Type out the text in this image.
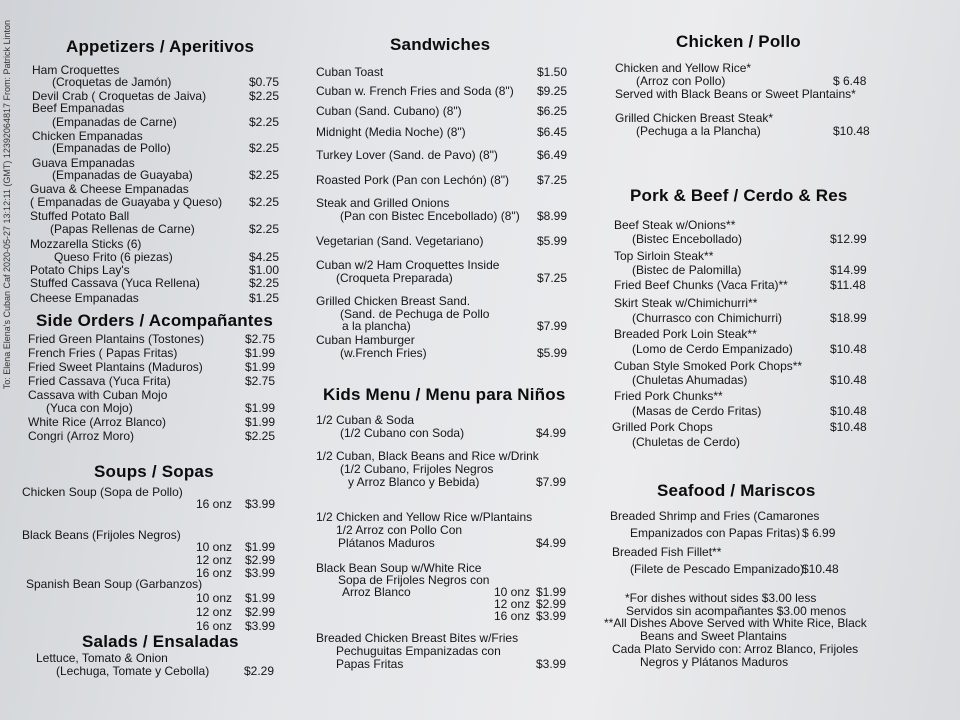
To: Elena Elena's Cuban Caf 2020-05-27 13:12:11 (GMT) 12392064817 From: Patrick Linton	Appetizers / Aperitivos
Ham Croquettes
(Croquetas de Jamón)	$0.75
Devil Crab ( Croquetas de Jaiva)	$2.25
Beef Empanadas
(Empanadas de Carne)	$2.25
Chicken Empanadas
(Empanadas de Pollo)	$2.25
Guava Empanadas
(Empanadas de Guayaba)	$2.25
Guava & Cheese Empanadas
( Empanadas de Guayaba y Queso) $2.25
Stuffed Potato Ball
(Papas Rellenas de Carne)	$2.25
Mozzarella Sticks (6)
Queso Frito (6 piezas)	$4.25
Potato Chips Lay's	$1.00
Stuffed Cassava (Yuca Rellena)	$2.25
Cheese Empanadas	$1.25
Side Orders / Acompañantes
Fried Green Plantains (Tostones)	$2.75
French Fries ( Papas Fritas)	$1.99
Fried Sweet Plantains (Maduros)	$1.99
Fried Cassava (Yuca Frita)	$2.75
Cassava with Cuban Mojo
(Yuca con Mojo)	$1.99
White Rice (Arroz Blanco)	$1.99
Congri (Arroz Moro)	$2.25
Soups / Sopas
Chicken Soup (Sopa de Pollo)
16 onz $3.99
Black Beans (Frijoles Negros)
10 onz $1.99
12 onz $2.99
16 onz $3.99
Spanish Bean Soup (Garbanzos)
10 onz $1.99
12 onz $2.99
16 onz $3.99
Salads / Ensaladas
Lettuce, Tomato & Onion
(Lechuga, Tomate y Cebolla)	$2.29
Sandwiches
Cuban Toast	$1.50
Cuban w. French Fries and Soda (8") $9.25
Cuban (Sand. Cubano) (8")	$6.25
Midnight (Media Noche) (8")	$6.45
Turkey Lover (Sand. de Pavo) (8")	$6.49
Roasted Pork (Pan con Lechón) (8") $7.25
Steak and Grilled Onions
(Pan con Bistec Encebollado) (8") $8.99
Vegetarian (Sand. Vegetariano)	$5.99
Cuban w/2 Ham Croquettes Inside
(Croqueta Preparada)	$7.25
Grilled Chicken Breast Sand.
(Sand. de Pechuga de Pollo
a la plancha)	$7.99
Cuban Hamburger
(w.French Fries)	$5.99
Kids Menu / Menu para Niños
1/2 Cuban & Soda
(1/2 Cubano con Soda)	$4.99
1/2 Cuban, Black Beans and Rice w/Drink
(1/2 Cubano, Frijoles Negros
y Arroz Blanco y Bebida)	$7.99
1/2 Chicken and Yellow Rice w/Plantains
1/2 Arroz con Pollo Con
Plátanos Maduros	$4.99
Black Bean Soup w/White Rice
Sopa de Frijoles Negros con
Arroz Blanco	10 onz $1.99
12 onz $2.99
16 onz $3.99
Breaded Chicken Breast Bites w/Fries
Pechuguitas Empanizadas con
Papas Fritas	$3.99
Chicken / Pollo
Chicken and Yellow Rice*
(Arroz con Pollo)	$ 6.48
Served with Black Beans or Sweet Plantains*
Grilled Chicken Breast Steak*
(Pechuga a la Plancha)	$10.48
Pork & Beef / Cerdo & Res
Beef Steak w/Onions**
(Bistec Encebollado)	$12.99
Top Sirloin Steak**
(Bistec de Palomilla)	$14.99
Fried Beef Chunks (Vaca Frita)**	$11.48
Skirt Steak w/Chimichurri**
(Churrasco con Chimichurri)	$18.99
Breaded Pork Loin Steak**
(Lomo de Cerdo Empanizado)	$10.48
Cuban Style Smoked Pork Chops**
(Chuletas Ahumadas)	$10.48
Fried Pork Chunks**
(Masas de Cerdo Fritas)	$10.48
Grilled Pork Chops	$10.48
(Chuletas de Cerdo)
Seafood / Mariscos
Breaded Shrimp and Fries (Camarones
Empanizados con Papas Fritas) $ 6.99
Breaded Fish Fillet**
(Filete de Pescado Empanizado)
$10.48
*For dishes without sides $3.00 less
Servidos sin acompañantes $3.00 menos
**All Dishes Above Served with White Rice, Black
Beans and Sweet Plantains
Cada Plato Servido con: Arroz Blanco, Frijoles
Negros y Plátanos Maduros
